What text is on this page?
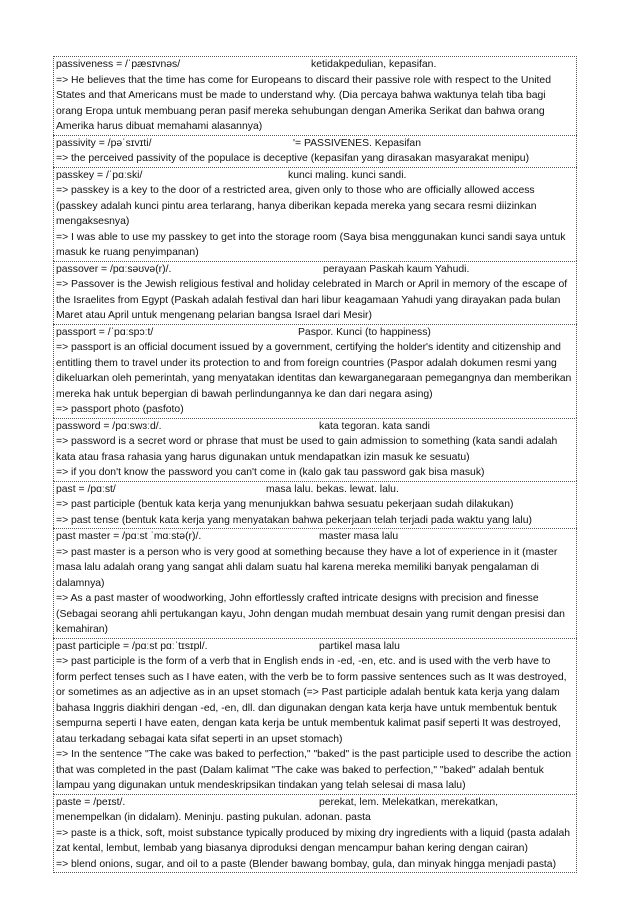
passiveness = /ˈpæsɪvnəs/	ketidakpedulian, kepasifan.
=> He believes that the time has come for Europeans to discard their passive role with respect to the United States and that Americans must be made to understand why. (Dia percaya bahwa waktunya telah tiba bagi orang Eropa untuk membuang peran pasif mereka sehubungan dengan Amerika Serikat dan bahwa orang Amerika harus dibuat memahami alasannya)
passivity = /pəˈsɪvɪti/	'= PASSIVENES. Kepasifan
=> the perceived passivity of the populace is deceptive (kepasifan yang dirasakan masyarakat menipu)
passkey = /ˈpɑːski/	kunci maling. kunci sandi.
=> passkey is a key to the door of a restricted area, given only to those who are officially allowed access (passkey adalah kunci pintu area terlarang, hanya diberikan kepada mereka yang secara resmi diizinkan mengaksesnya)
=> I was able to use my passkey to get into the storage room (Saya bisa menggunakan kunci sandi saya untuk masuk ke ruang penyimpanan)
passover = /pɑːsəʊvə(r)/.	perayaan Paskah kaum Yahudi.
=> Passover is the Jewish religious festival and holiday celebrated in March or April in memory of the escape of the Israelites from Egypt (Paskah adalah festival dan hari libur keagamaan Yahudi yang dirayakan pada bulan Maret atau April untuk mengenang pelarian bangsa Israel dari Mesir)
passport = /ˈpɑːspɔːt/	Paspor. Kunci (to happiness)
=> passport is an official document issued by a government, certifying the holder's identity and citizenship and entitling them to travel under its protection to and from foreign countries (Paspor adalah dokumen resmi yang dikeluarkan oleh pemerintah, yang menyatakan identitas dan kewarganegaraan pemegangnya dan memberikan mereka hak untuk bepergian di bawah perlindungannya ke dan dari negara asing)
=> passport photo (pasfoto)
password = /pɑːswɜːd/.	kata tegoran. kata sandi
=> password is a secret word or phrase that must be used to gain admission to something (kata sandi adalah kata atau frasa rahasia yang harus digunakan untuk mendapatkan izin masuk ke sesuatu)
=> if you don't know the password you can't come in (kalo gak tau password gak bisa masuk)
past = /pɑːst/	masa lalu. bekas. lewat. lalu.
=> past participle (bentuk kata kerja yang menunjukkan bahwa sesuatu pekerjaan sudah dilakukan)
=> past tense (bentuk kata kerja yang menyatakan bahwa pekerjaan telah terjadi pada waktu yang lalu)
past master = /pɑːst ˈmɑːstə(r)/.	master masa lalu
=> past master is a person who is very good at something because they have a lot of experience in it (master masa lalu adalah orang yang sangat ahli dalam suatu hal karena mereka memiliki banyak pengalaman di dalamnya)
=> As a past master of woodworking, John effortlessly crafted intricate designs with precision and finesse (Sebagai seorang ahli pertukangan kayu, John dengan mudah membuat desain yang rumit dengan presisi dan kemahiran)
past participle = /pɑːst pɑːˈtɪsɪpl/.	partikel masa lalu
=> past participle is the form of a verb that in English ends in -ed, -en, etc. and is used with the verb have to form perfect tenses such as I have eaten, with the verb be to form passive sentences such as It was destroyed, or sometimes as an adjective as in an upset stomach (=> Past participle adalah bentuk kata kerja yang dalam bahasa Inggris diakhiri dengan -ed, -en, dll. dan digunakan dengan kata kerja have untuk membentuk bentuk sempurna seperti I have eaten, dengan kata kerja be untuk membentuk kalimat pasif seperti It was destroyed, atau terkadang sebagai kata sifat seperti in an upset stomach)
=> In the sentence "The cake was baked to perfection," "baked" is the past participle used to describe the action that was completed in the past (Dalam kalimat "The cake was baked to perfection," "baked" adalah bentuk lampau yang digunakan untuk mendeskripsikan tindakan yang telah selesai di masa lalu)
paste = /peɪst/.	perekat, lem. Melekatkan, merekatkan,
menempelkan (in didalam). Meninju. pasting pukulan. adonan. pasta
=> paste is a thick, soft, moist substance typically produced by mixing dry ingredients with a liquid (pasta adalah zat kental, lembut, lembab yang biasanya diproduksi dengan mencampur bahan kering dengan cairan)
=> blend onions, sugar, and oil to a paste (Blender bawang bombay, gula, dan minyak hingga menjadi pasta)
